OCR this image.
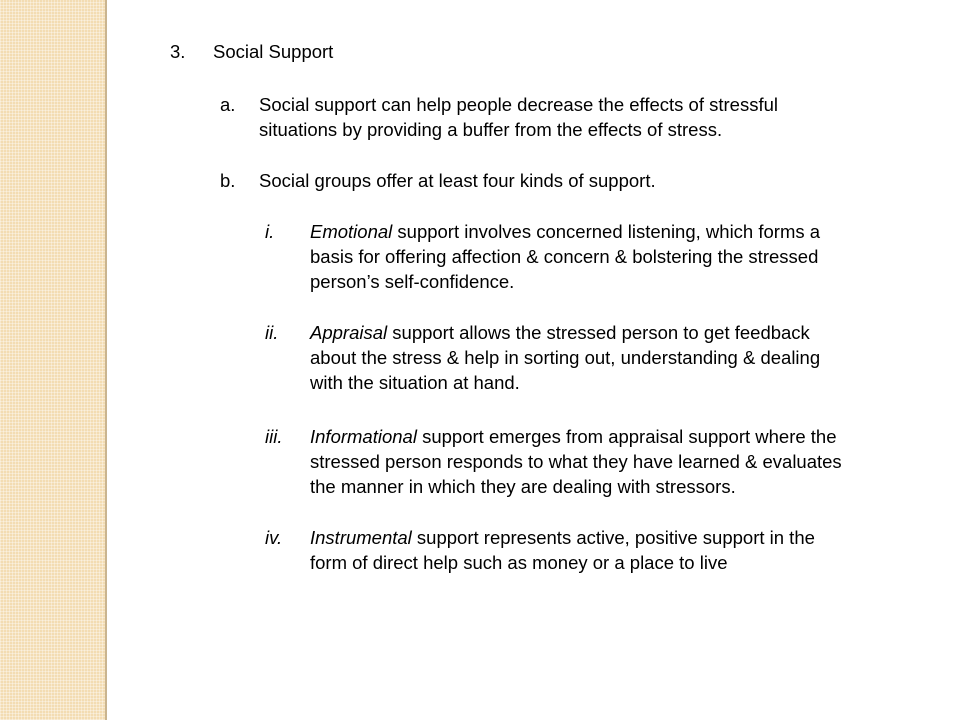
3. Social Support
a. Social support can help people decrease the effects of stressful
situations by providing a buffer from the effects of stress.
b. Social groups offer at least four kinds of support.
i. Emotional support involves concerned listening, which forms a
basis for offering affection & concern & bolstering the stressed
person’s self-confidence.
ii. Appraisal support allows the stressed person to get feedback
about the stress & help in sorting out, understanding & dealing
with the situation at hand.
iii. Informational support emerges from appraisal support where the
stressed person responds to what they have learned & evaluates
the manner in which they are dealing with stressors.
iv. Instrumental support represents active, positive support in the
form of direct help such as money or a place to live
